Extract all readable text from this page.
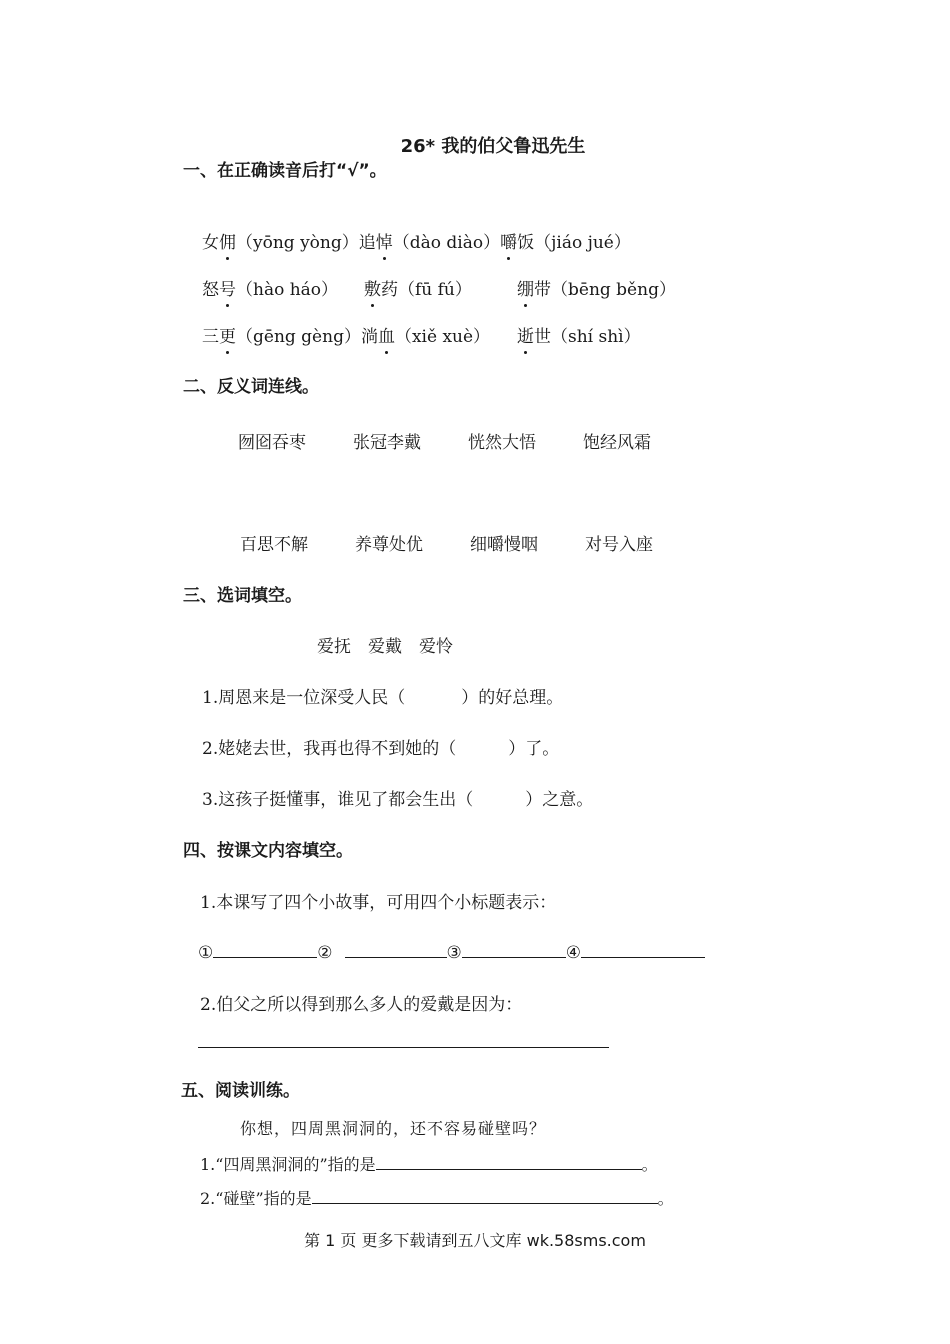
26* 我的伯父鲁迅先生
一、在正确读音后打“√”。
女佣（yōng yòng）追悼（dào diào）嚼饭（jiáo jué）
怒号（hào háo） 敷药（fū fú）	绷带（bēng běng）
三更（gēng gèng）淌血（xiě xuè） 逝世（shí shì）
二、反义词连线。
囫囵吞枣	张冠李戴	恍然大悟	饱经风霜
百思不解	养尊处优	细嚼慢咽	对号入座
三、选词填空。
爱抚　爱戴　爱怜
1.周恩来是一位深受人民（	）的好总理。
2.姥姥去世，我再也得不到她的（	）了。
3.这孩子挺懂事，谁见了都会生出（	）之意。
四、按课文内容填空。
1.本课写了四个小故事，可用四个小标题表示：
①	②	③	④
2.伯父之所以得到那么多人的爱戴是因为：
五、阅读训练。
你想，四周黑洞洞的，还不容易碰壁吗？
1.“四周黑洞洞的”指的是	。
2.“碰壁”指的是	。
第 1 页 更多下载请到五八文库 wk.58sms.com
